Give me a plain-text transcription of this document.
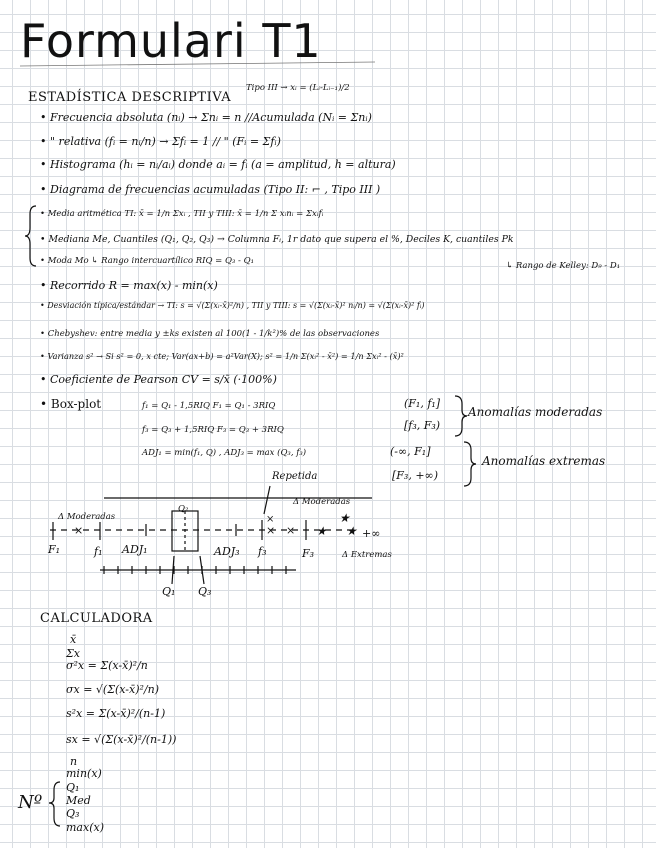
Formulari T1
ESTADÍSTICA DESCRIPTIVA
Tipo III → xᵢ = (Lᵢ-Lᵢ₋₁)/2
• Frecuencia absoluta (nᵢ) → Σnᵢ = n //Acumulada (Nᵢ = Σnᵢ)
• " relativa (fᵢ = nᵢ/n) → Σfᵢ = 1 // " (Fᵢ = Σfᵢ)
• Histograma (hᵢ = nᵢ/aᵢ) donde aᵢ = fᵢ (a = amplitud, h = altura)
• Diagrama de frecuencias acumuladas (Tipo II: ⌐ , Tipo III )
• Media aritmética TI: x̄ = 1/n Σxᵢ , TII y TIII: x̄ = 1/n Σ xᵢnᵢ = Σxᵢfᵢ
• Mediana Me, Cuantiles (Q₁, Q₂, Q₃) → Columna Fᵢ, 1r dato que supera el %, Deciles K, cuantiles Pk
• Moda Mo ↳ Rango intercuartílico RIQ = Q₃ - Q₁
• Recorrido R = max(x) - min(x)
• Desviación típica/estándar → TI: s = √(Σ(xᵢ-x̄)²/n) , TII y TIII: s = √(Σ(xᵢ-x̄)² nᵢ/n) = √(Σ(xᵢ-x̄)² fᵢ)
• Chebyshev: entre media y ±ks existen al 100(1 - 1/k²)% de las observaciones
• Varianza s² → Si s² = 0, x cte; Var(ax+b) = a²Var(X); s² = 1/n Σ(xᵢ² - x̄²) = 1/n Σxᵢ² - (x̄)²
• Coeficiente de Pearson CV = s/x̄ (·100%)
↳ Rango de Kelley: D₉ - D₁
• Box-plot	f₁ = Q₁ - 1,5RIQ F₁ = Q₁ - 3RIQ
f₃ = Q₃ + 1,5RIQ F₃ = Q₃ + 3RIQ
ADJ₁ = min(f₁, Q) , ADJ₃ = max (Q₃, f₃)
(F₁, f₁]
[f₃, F₃)
Anomalías moderadas
(-∞, F₁]
[F₃, +∞)
Anomalías extremas
Repetida
Δ Moderadas
Δ Moderadas
Δ Extremas
Q₂
F₁	f₁ ADJ₁	ADJ₃ f₃	F₃
+∞
Q₁ Q₃
×	× ×
×
★
★
★
CALCULADORA
x̄
Σx
σ²x = Σ(x-x̄)²/n
σx = √(Σ(x-x̄)²/n)
s²x = Σ(x-x̄)²/(n-1)
sx = √(Σ(x-x̄)²/(n-1))
n
min(x)
Nº
Q₁
Med
Q₃
max(x)
